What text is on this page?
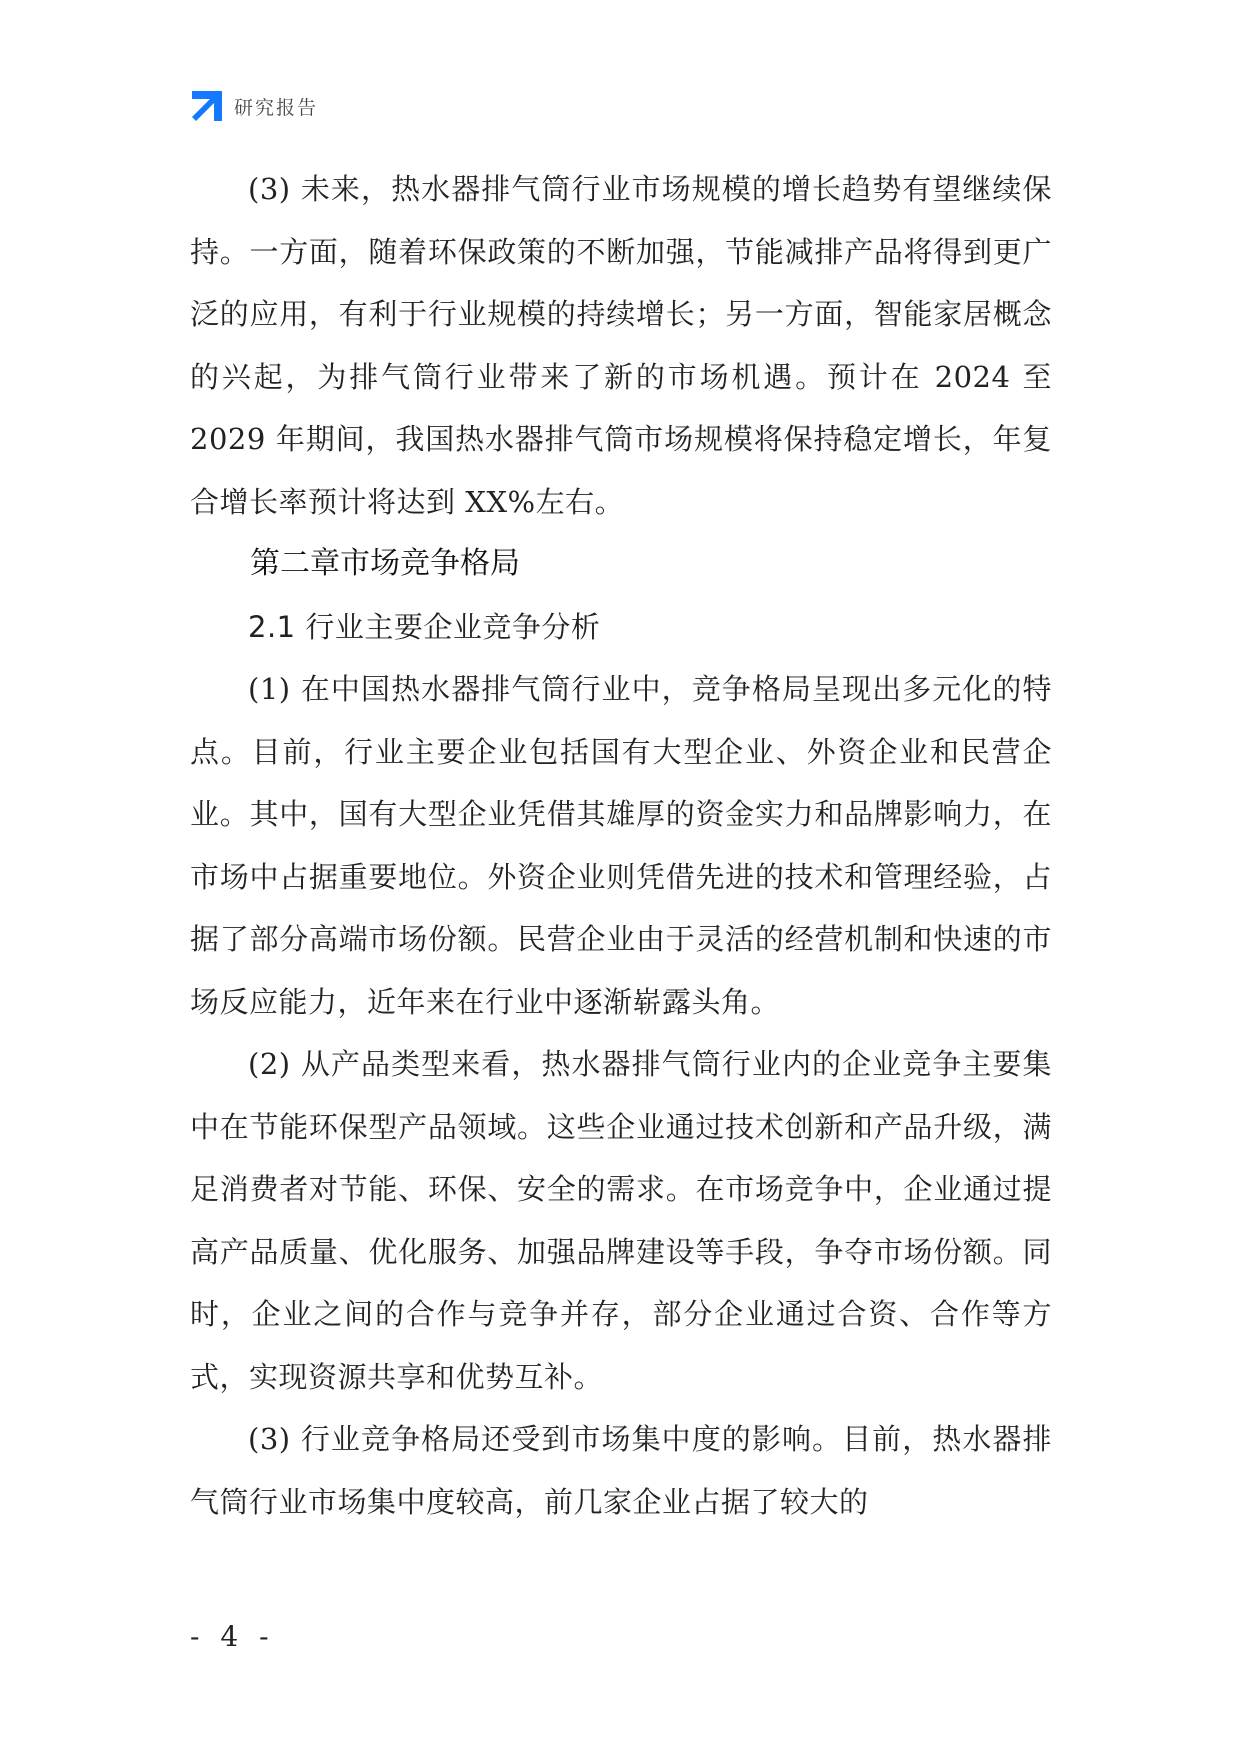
研究报告

(3) 未来，热水器排气筒行业市场规模的增长趋势有望继续保持。一方面，随着环保政策的不断加强，节能减排产品将得到更广泛的应用，有利于行业规模的持续增长；另一方面，智能家居概念的兴起，为排气筒行业带来了新的市场机遇。预计在 2024 至 2029 年期间，我国热水器排气筒市场规模将保持稳定增长，年复合增长率预计将达到 XX%左右。

第二章市场竞争格局
2.1 行业主要企业竞争分析

(1) 在中国热水器排气筒行业中，竞争格局呈现出多元化的特点。目前，行业主要企业包括国有大型企业、外资企业和民营企业。其中，国有大型企业凭借其雄厚的资金实力和品牌影响力，在市场中占据重要地位。外资企业则凭借先进的技术和管理经验，占据了部分高端市场份额。民营企业由于灵活的经营机制和快速的市场反应能力，近年来在行业中逐渐崭露头角。

(2) 从产品类型来看，热水器排气筒行业内的企业竞争主要集中在节能环保型产品领域。这些企业通过技术创新和产品升级，满足消费者对节能、环保、安全的需求。在市场竞争中，企业通过提高产品质量、优化服务、加强品牌建设等手段，争夺市场份额。同时，企业之间的合作与竞争并存，部分企业通过合资、合作等方式，实现资源共享和优势互补。

(3) 行业竞争格局还受到市场集中度的影响。目前，热水器排气筒行业市场集中度较高，前几家企业占据了较大的

- 4 -
